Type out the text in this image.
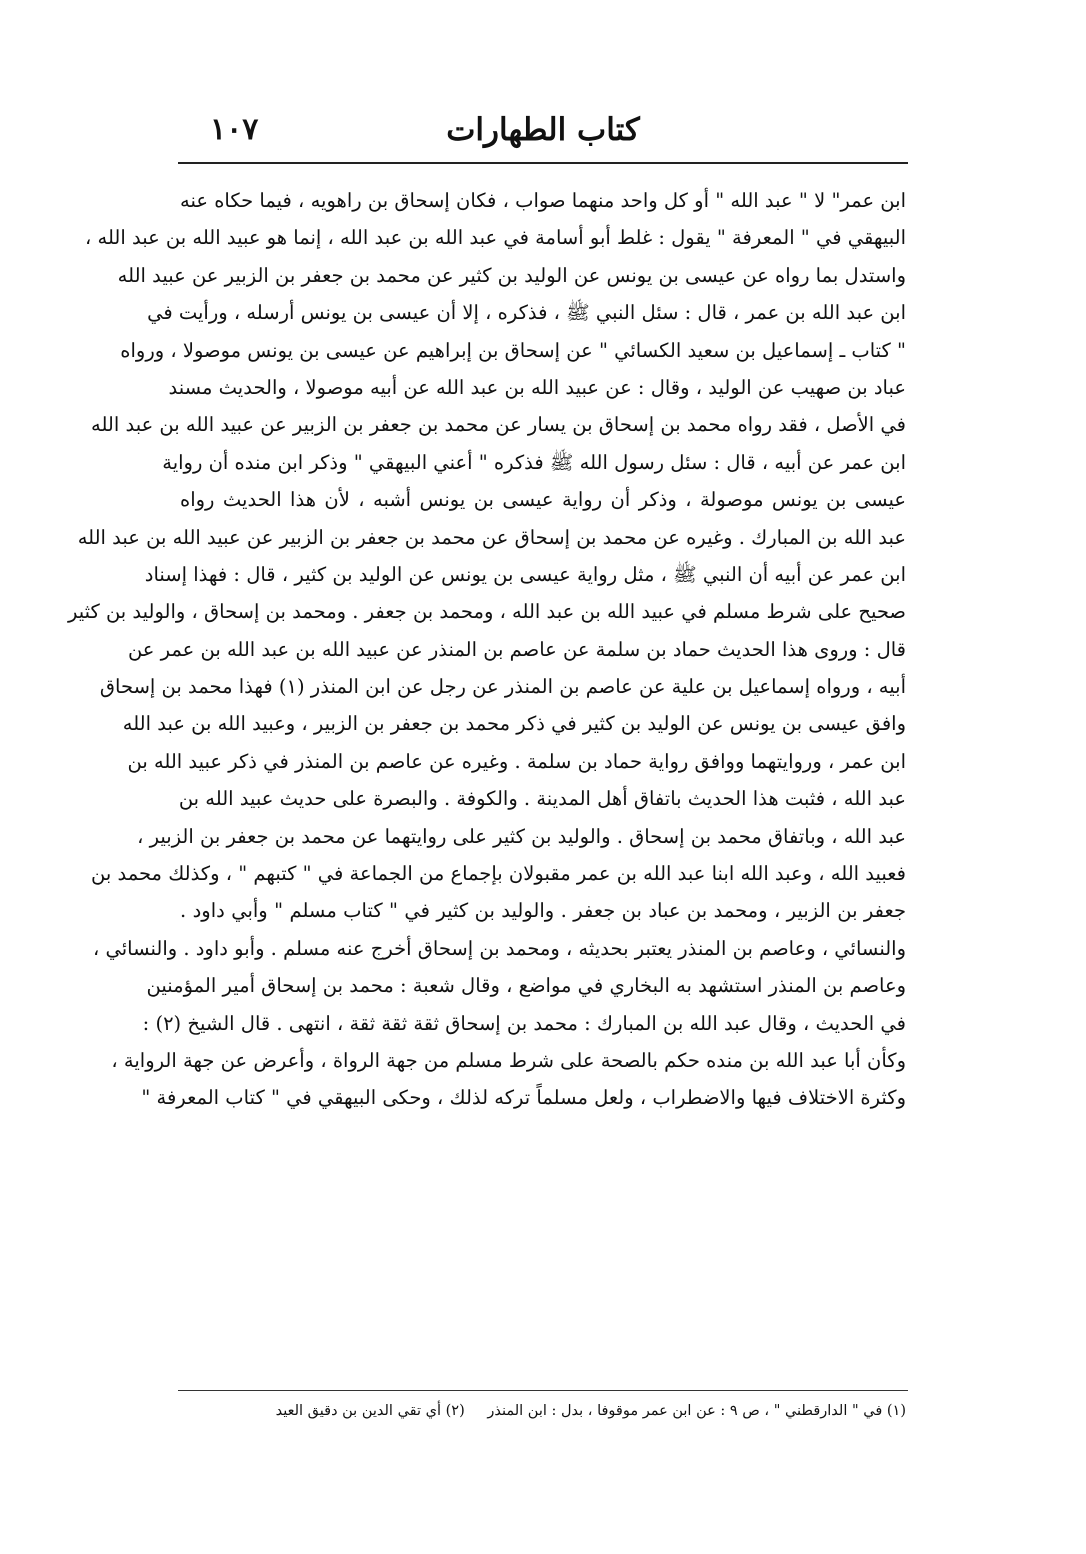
كتاب الطهارات
١٠٧
ابن عمر" لا " عبد الله " أو كل واحد منهما صواب ، فكان إسحاق بن راهويه ، فيما حكاه عنه
البيهقي في " المعرفة " يقول : غلط أبو أسامة في عبد الله بن عبد الله ، إنما هو عبيد الله بن عبد الله ،
واستدل بما رواه عن عيسى بن يونس عن الوليد بن كثير عن محمد بن جعفر بن الزبير عن عبيد الله
ابن عبد الله بن عمر ، قال : سئل النبي ﷺ ، فذكره ، إلا أن عيسى بن يونس أرسله ، ورأيت في
" كتاب ـ إسماعيل بن سعيد الكسائي " عن إسحاق بن إبراهيم عن عيسى بن يونس موصولا ، ورواه
عباد بن صهيب عن الوليد ، وقال : عن عبيد الله بن عبد الله عن أبيه موصولا ، والحديث مسند
في الأصل ، فقد رواه محمد بن إسحاق بن يسار عن محمد بن جعفر بن الزبير عن عبيد الله بن عبد الله
ابن عمر عن أبيه ، قال : سئل رسول الله ﷺ فذكره " أعني البيهقي " وذكر ابن منده أن رواية
عيسى بن يونس موصولة ، وذكر أن رواية عيسى بن يونس أشبه ، لأن هذا الحديث رواه
عبد الله بن المبارك . وغيره عن محمد بن إسحاق عن محمد بن جعفر بن الزبير عن عبيد الله بن عبد الله
ابن عمر عن أبيه أن النبي ﷺ ، مثل رواية عيسى بن يونس عن الوليد بن كثير ، قال : فهذا إسناد
صحيح على شرط مسلم في عبيد الله بن عبد الله ، ومحمد بن جعفر . ومحمد بن إسحاق ، والوليد بن كثير
قال : وروى هذا الحديث حماد بن سلمة عن عاصم بن المنذر عن عبيد الله بن عبد الله بن عمر عن
أبيه ، ورواه إسماعيل بن علية عن عاصم بن المنذر عن رجل عن ابن المنذر (١) فهذا محمد بن إسحاق
وافق عيسى بن يونس عن الوليد بن كثير في ذكر محمد بن جعفر بن الزبير ، وعبيد الله بن عبد الله
ابن عمر ، وروايتهما ووافق رواية حماد بن سلمة . وغيره عن عاصم بن المنذر في ذكر عبيد الله بن
عبد الله ، فثبت هذا الحديث باتفاق أهل المدينة . والكوفة . والبصرة على حديث عبيد الله بن
عبد الله ، وباتفاق محمد بن إسحاق . والوليد بن كثير على روايتهما عن محمد بن جعفر بن الزبير ،
فعبيد الله ، وعبد الله ابنا عبد الله بن عمر مقبولان بإجماع من الجماعة في " كتبهم " ، وكذلك محمد بن
جعفر بن الزبير ، ومحمد بن عباد بن جعفر . والوليد بن كثير في " كتاب مسلم " وأبي داود .
والنسائي ، وعاصم بن المنذر يعتبر بحديثه ، ومحمد بن إسحاق أخرج عنه مسلم . وأبو داود . والنسائي ،
وعاصم بن المنذر استشهد به البخاري في مواضع ، وقال شعبة : محمد بن إسحاق أمير المؤمنين
في الحديث ، وقال عبد الله بن المبارك : محمد بن إسحاق ثقة ثقة ثقة ، انتهى . قال الشيخ (٢) :
وكأن أبا عبد الله بن منده حكم بالصحة على شرط مسلم من جهة الرواة ، وأعرض عن جهة الرواية ،
وكثرة الاختلاف فيها والاضطراب ، ولعل مسلماً تركه لذلك ، وحكى البيهقي في " كتاب المعرفة "
(١) في " الدارقطني " ، ص ٩ : عن ابن عمر موقوفا ، بدل : ابن المنذر (٢) أي تقي الدين بن دقيق العيد
